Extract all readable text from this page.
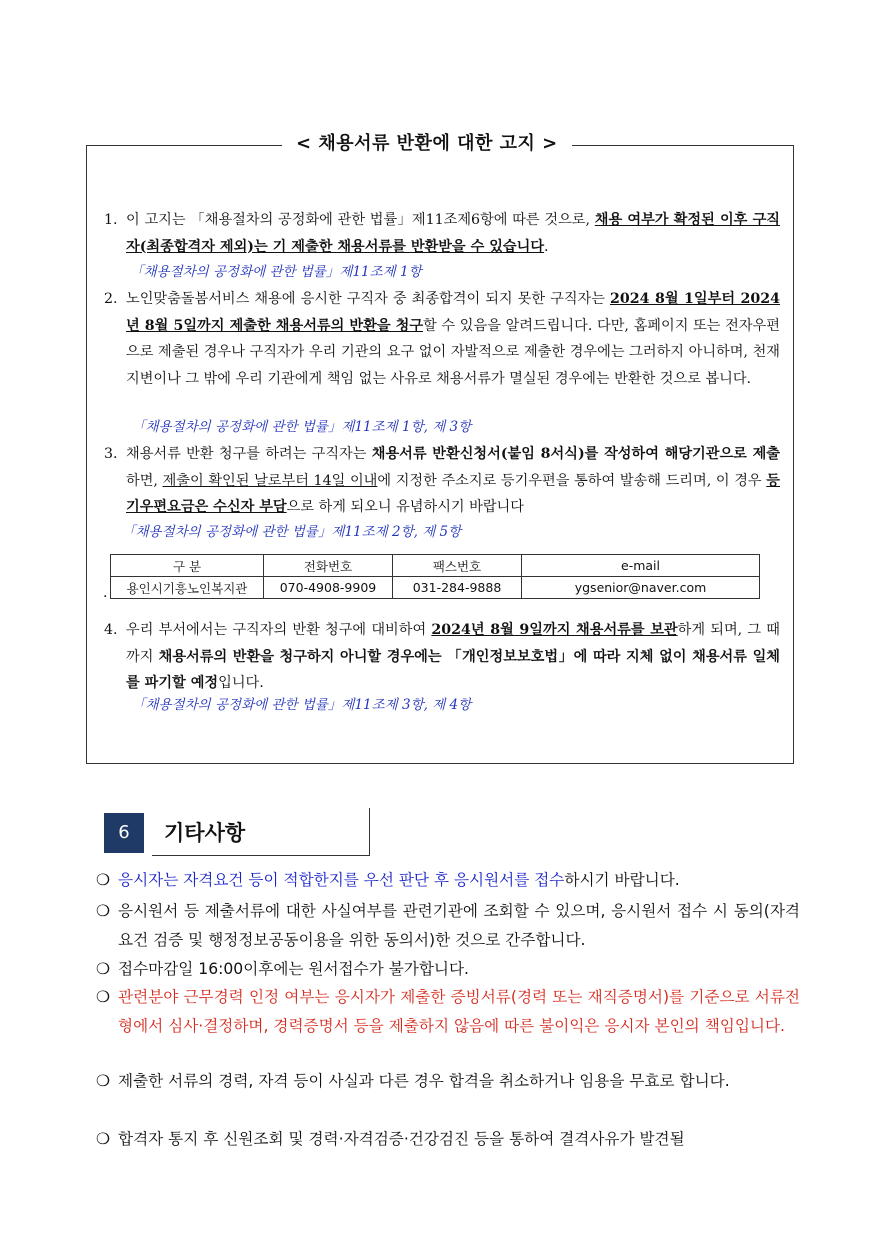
< 채용서류 반환에 대한 고지 >
1. 이 고지는 「채용절차의 공정화에 관한 법률」제11조제6항에 따른 것으로, 채용 여부가 확정된 이후 구직자(최종합격자 제외)는 기 제출한 채용서류를 반환받을 수 있습니다.
「채용절차의 공정화에 관한 법률」제11조제 1항
2. 노인맞춤돌봄서비스 채용에 응시한 구직자 중 최종합격이 되지 못한 구직자는 2024 8월 1일부터 2024년 8월 5일까지 제출한 채용서류의 반환을 청구할 수 있음을 알려드립니다. 다만, 홈페이지 또는 전자우편으로 제출된 경우나 구직자가 우리 기관의 요구 없이 자발적으로 제출한 경우에는 그러하지 아니하며, 천재지변이나 그 밖에 우리 기관에게 책임 없는 사유로 채용서류가 멸실된 경우에는 반환한 것으로 봅니다.
「채용절차의 공정화에 관한 법률」제11조제 1항, 제 3항
3. 채용서류 반환 청구를 하려는 구직자는 채용서류 반환신청서(붙임 8서식)를 작성하여 해당기관으로 제출하면, 제출이 확인된 날로부터 14일 이내에 지정한 주소지로 등기우편을 통하여 발송해 드리며, 이 경우 등기우편요금은 수신자 부담으로 하게 되오니 유념하시기 바랍니다
「채용절차의 공정화에 관한 법률」제11조제 2항, 제 5항
구 분	전화번호	팩스번호	e-mail
용인시기흥노인복지관	070-4908-9909	031-284-9888	ygsenior@naver.com
.
4. 우리 부서에서는 구직자의 반환 청구에 대비하여 2024년 8월 9일까지 채용서류를 보관하게 되며, 그 때까지 채용서류의 반환을 청구하지 아니할 경우에는 「개인정보보호법」에 따라 지체 없이 채용서류 일체를 파기할 예정입니다.
「채용절차의 공정화에 관한 법률」제11조제 3항, 제 4항
6	기타사항
❍ 응시자는 자격요건 등이 적합한지를 우선 판단 후 응시원서를 접수하시기 바랍니다.
❍ 응시원서 등 제출서류에 대한 사실여부를 관련기관에 조회할 수 있으며, 응시원서 접수 시 동의(자격요건 검증 및 행정정보공동이용을 위한 동의서)한 것으로 간주합니다.
❍ 접수마감일 16:00이후에는 원서접수가 불가합니다.
❍ 관련분야 근무경력 인정 여부는 응시자가 제출한 증빙서류(경력 또는 재직증명서)를 기준으로 서류전형에서 심사·결정하며, 경력증명서 등을 제출하지 않음에 따른 불이익은 응시자 본인의 책임입니다.
❍ 제출한 서류의 경력, 자격 등이 사실과 다른 경우 합격을 취소하거나 임용을 무효로 합니다.
❍ 합격자 통지 후 신원조회 및 경력·자격검증·건강검진 등을 통하여 결격사유가 발견될
